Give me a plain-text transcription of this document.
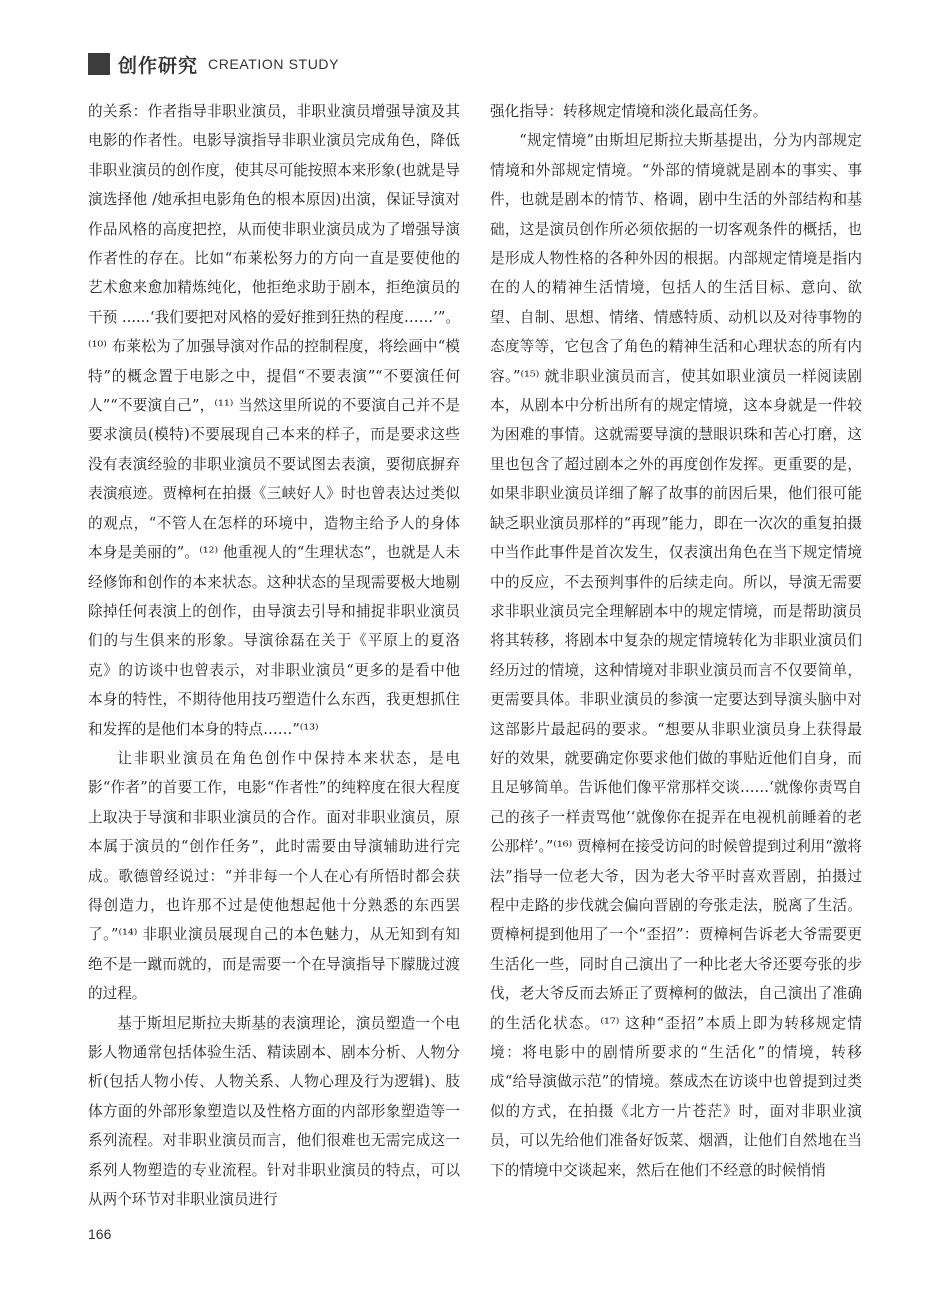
创作研究 CREATION STUDY

的关系：作者指导非职业演员，非职业演员增强导演及其电影的作者性。电影导演指导非职业演员完成角色，降低非职业演员的创作度，使其尽可能按照本来形象(也就是导演选择他 /她承担电影角色的根本原因)出演，保证导演对作品风格的高度把控，从而使非职业演员成为了增强导演作者性的存在。比如“布莱松努力的方向一直是要使他的艺术愈来愈加精炼纯化，他拒绝求助于剧本，拒绝演员的干预 ......‘我们要把对风格的爱好推到狂热的程度……’”。⁽¹⁰⁾ 布莱松为了加强导演对作品的控制程度，将绘画中“模特”的概念置于电影之中，提倡“不要表演”“不要演任何人”“不要演自己”，⁽¹¹⁾ 当然这里所说的不要演自己并不是要求演员(模特)不要展现自己本来的样子，而是要求这些没有表演经验的非职业演员不要试图去表演，要彻底摒弃表演痕迹。贾樟柯在拍摄《三峡好人》时也曾表达过类似的观点，“不管人在怎样的环境中，造物主给予人的身体本身是美丽的”。⁽¹²⁾ 他重视人的“生理状态”，也就是人未经修饰和创作的本来状态。这种状态的呈现需要极大地剔除掉任何表演上的创作，由导演去引导和捕捉非职业演员们的与生俱来的形象。导演徐磊在关于《平原上的夏洛克》的访谈中也曾表示，对非职业演员“更多的是看中他本身的特性，不期待他用技巧塑造什么东西，我更想抓住和发挥的是他们本身的特点……”⁽¹³⁾

让非职业演员在角色创作中保持本来状态，是电影“作者”的首要工作，电影“作者性”的纯粹度在很大程度上取决于导演和非职业演员的合作。面对非职业演员，原本属于演员的“创作任务”，此时需要由导演辅助进行完成。歌德曾经说过：“并非每一个人在心有所悟时都会获得创造力，也许那不过是使他想起他十分熟悉的东西罢了。”⁽¹⁴⁾ 非职业演员展现自己的本色魅力，从无知到有知绝不是一蹴而就的，而是需要一个在导演指导下朦胧过渡的过程。

基于斯坦尼斯拉夫斯基的表演理论，演员塑造一个电影人物通常包括体验生活、精读剧本、剧本分析、人物分析(包括人物小传、人物关系、人物心理及行为逻辑)、肢体方面的外部形象塑造以及性格方面的内部形象塑造等一系列流程。对非职业演员而言，他们很难也无需完成这一系列人物塑造的专业流程。针对非职业演员的特点，可以从两个环节对非职业演员进行

强化指导：转移规定情境和淡化最高任务。

“规定情境”由斯坦尼斯拉夫斯基提出，分为内部规定情境和外部规定情境。“外部的情境就是剧本的事实、事件，也就是剧本的情节、格调，剧中生活的外部结构和基础，这是演员创作所必须依据的一切客观条件的概括，也是形成人物性格的各种外因的根据。内部规定情境是指内在的人的精神生活情境，包括人的生活目标、意向、欲望、自制、思想、情绪、情感特质、动机以及对待事物的态度等等，它包含了角色的精神生活和心理状态的所有内容。”⁽¹⁵⁾ 就非职业演员而言，使其如职业演员一样阅读剧本，从剧本中分析出所有的规定情境，这本身就是一件较为困难的事情。这就需要导演的慧眼识珠和苦心打磨，这里也包含了超过剧本之外的再度创作发挥。更重要的是，如果非职业演员详细了解了故事的前因后果，他们很可能缺乏职业演员那样的“再现”能力，即在一次次的重复拍摄中当作此事件是首次发生，仅表演出角色在当下规定情境中的反应，不去预判事件的后续走向。所以，导演无需要求非职业演员完全理解剧本中的规定情境，而是帮助演员将其转移，将剧本中复杂的规定情境转化为非职业演员们经历过的情境，这种情境对非职业演员而言不仅要简单，更需要具体。非职业演员的参演一定要达到导演头脑中对这部影片最起码的要求。“想要从非职业演员身上获得最好的效果，就要确定你要求他们做的事贴近他们自身，而且足够简单。告诉他们像平常那样交谈……‘就像你责骂自己的孩子一样责骂他’‘就像你在捉弄在电视机前睡着的老公那样’。”⁽¹⁶⁾ 贾樟柯在接受访问的时候曾提到过利用“激将法”指导一位老大爷，因为老大爷平时喜欢晋剧，拍摄过程中走路的步伐就会偏向晋剧的夸张走法，脱离了生活。贾樟柯提到他用了一个“歪招”：贾樟柯告诉老大爷需要更生活化一些，同时自己演出了一种比老大爷还要夸张的步伐，老大爷反而去矫正了贾樟柯的做法，自己演出了准确的生活化状态。⁽¹⁷⁾ 这种“歪招”本质上即为转移规定情境：将电影中的剧情所要求的“生活化”的情境，转移成“给导演做示范”的情境。蔡成杰在访谈中也曾提到过类似的方式，在拍摄《北方一片苍茫》时，面对非职业演员，可以先给他们准备好饭菜、烟酒，让他们自然地在当下的情境中交谈起来，然后在他们不经意的时候悄悄

166
